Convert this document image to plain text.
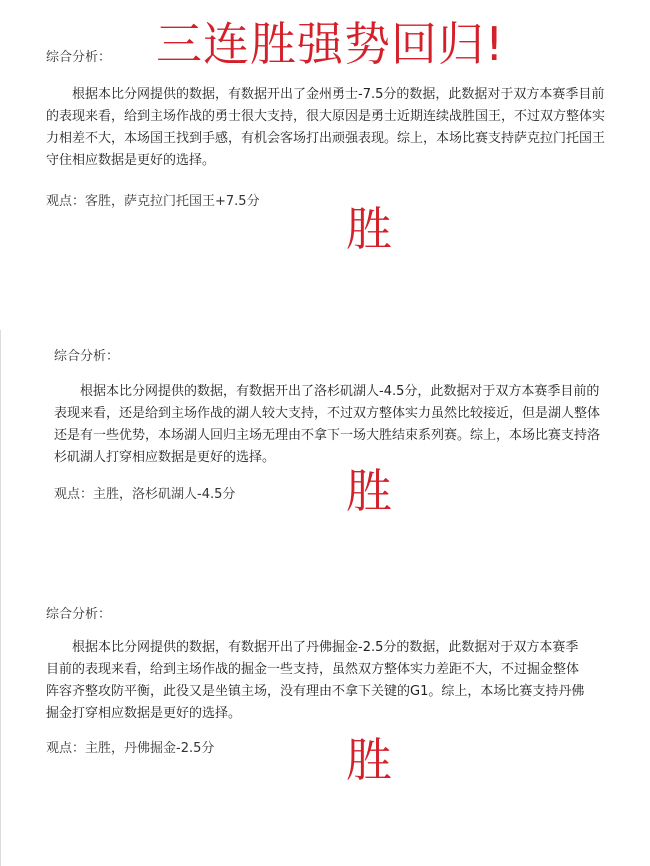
三连胜强势回归!
综合分析：

根据本比分网提供的数据，有数据开出了金州勇士-7.5分的数据，此数据对于双方本赛季目前的表现来看，给到主场作战的勇士很大支持，很大原因是勇士近期连续战胜国王，不过双方整体实力相差不大，本场国王找到手感，有机会客场打出顽强表现。综上，本场比赛支持萨克拉门托国王守住相应数据是更好的选择。

观点：客胜，萨克拉门托国王+7.5分
胜
综合分析：

根据本比分网提供的数据，有数据开出了洛杉矶湖人-4.5分，此数据对于双方本赛季目前的表现来看，还是给到主场作战的湖人较大支持，不过双方整体实力虽然比较接近，但是湖人整体还是有一些优势，本场湖人回归主场无理由不拿下一场大胜结束系列赛。综上，本场比赛支持洛杉矶湖人打穿相应数据是更好的选择。

观点：主胜，洛杉矶湖人-4.5分 胜
综合分析：

根据本比分网提供的数据，有数据开出了丹佛掘金-2.5分的数据，此数据对于双方本赛季目前的表现来看，给到主场作战的掘金一些支持，虽然双方整体实力差距不大，不过掘金整体阵容齐整攻防平衡，此役又是坐镇主场，没有理由不拿下关键的G1。综上，本场比赛支持丹佛掘金打穿相应数据是更好的选择。

观点：主胜，丹佛掘金-2.5分	胜
